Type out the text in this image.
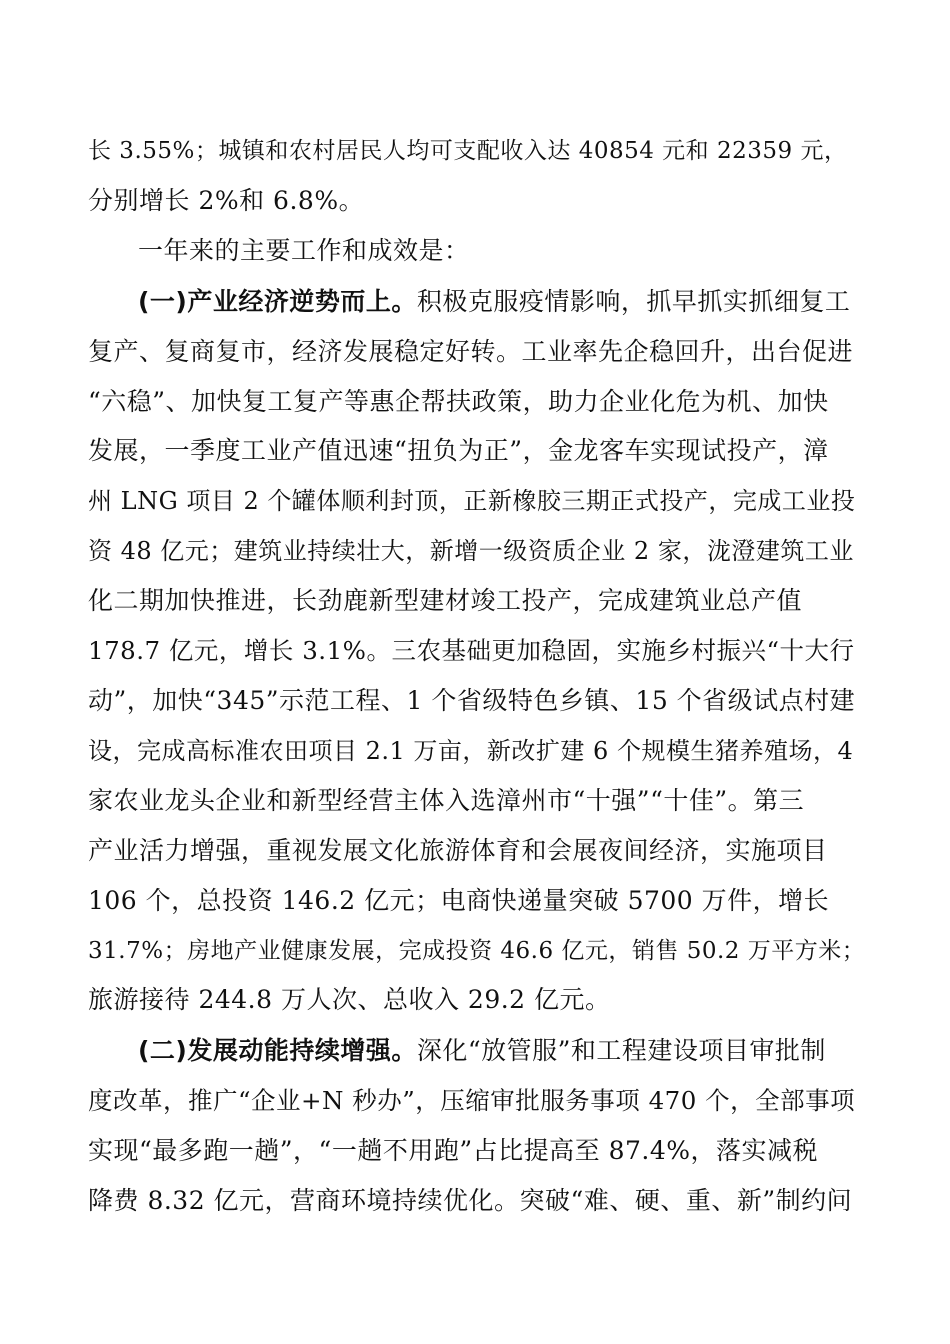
长 3.55%；城镇和农村居民人均可支配收入达 40854 元和 22359 元，
分别增长 2%和 6.8%。
一年来的主要工作和成效是：
(一)产业经济逆势而上。积极克服疫情影响，抓早抓实抓细复工
复产、复商复市，经济发展稳定好转。工业率先企稳回升，出台促进
“六稳”、加快复工复产等惠企帮扶政策，助力企业化危为机、加快
发展，一季度工业产值迅速“扭负为正”，金龙客车实现试投产，漳
州 LNG 项目 2 个罐体顺利封顶，正新橡胶三期正式投产，完成工业投
资 48 亿元；建筑业持续壮大，新增一级资质企业 2 家，泷澄建筑工业
化二期加快推进，长劲鹿新型建材竣工投产，完成建筑业总产值
178.7 亿元，增长 3.1%。三农基础更加稳固，实施乡村振兴“十大行
动”，加快“345”示范工程、1 个省级特色乡镇、15 个省级试点村建
设，完成高标准农田项目 2.1 万亩，新改扩建 6 个规模生猪养殖场，4
家农业龙头企业和新型经营主体入选漳州市“十强”“十佳”。第三
产业活力增强，重视发展文化旅游体育和会展夜间经济，实施项目
106 个，总投资 146.2 亿元；电商快递量突破 5700 万件，增长
31.7%；房地产业健康发展，完成投资 46.6 亿元，销售 50.2 万平方米；
旅游接待 244.8 万人次、总收入 29.2 亿元。
(二)发展动能持续增强。深化“放管服”和工程建设项目审批制
度改革，推广“企业+N 秒办”，压缩审批服务事项 470 个，全部事项
实现“最多跑一趟”，“一趟不用跑”占比提高至 87.4%，落实减税
降费 8.32 亿元，营商环境持续优化。突破“难、硬、重、新”制约问
